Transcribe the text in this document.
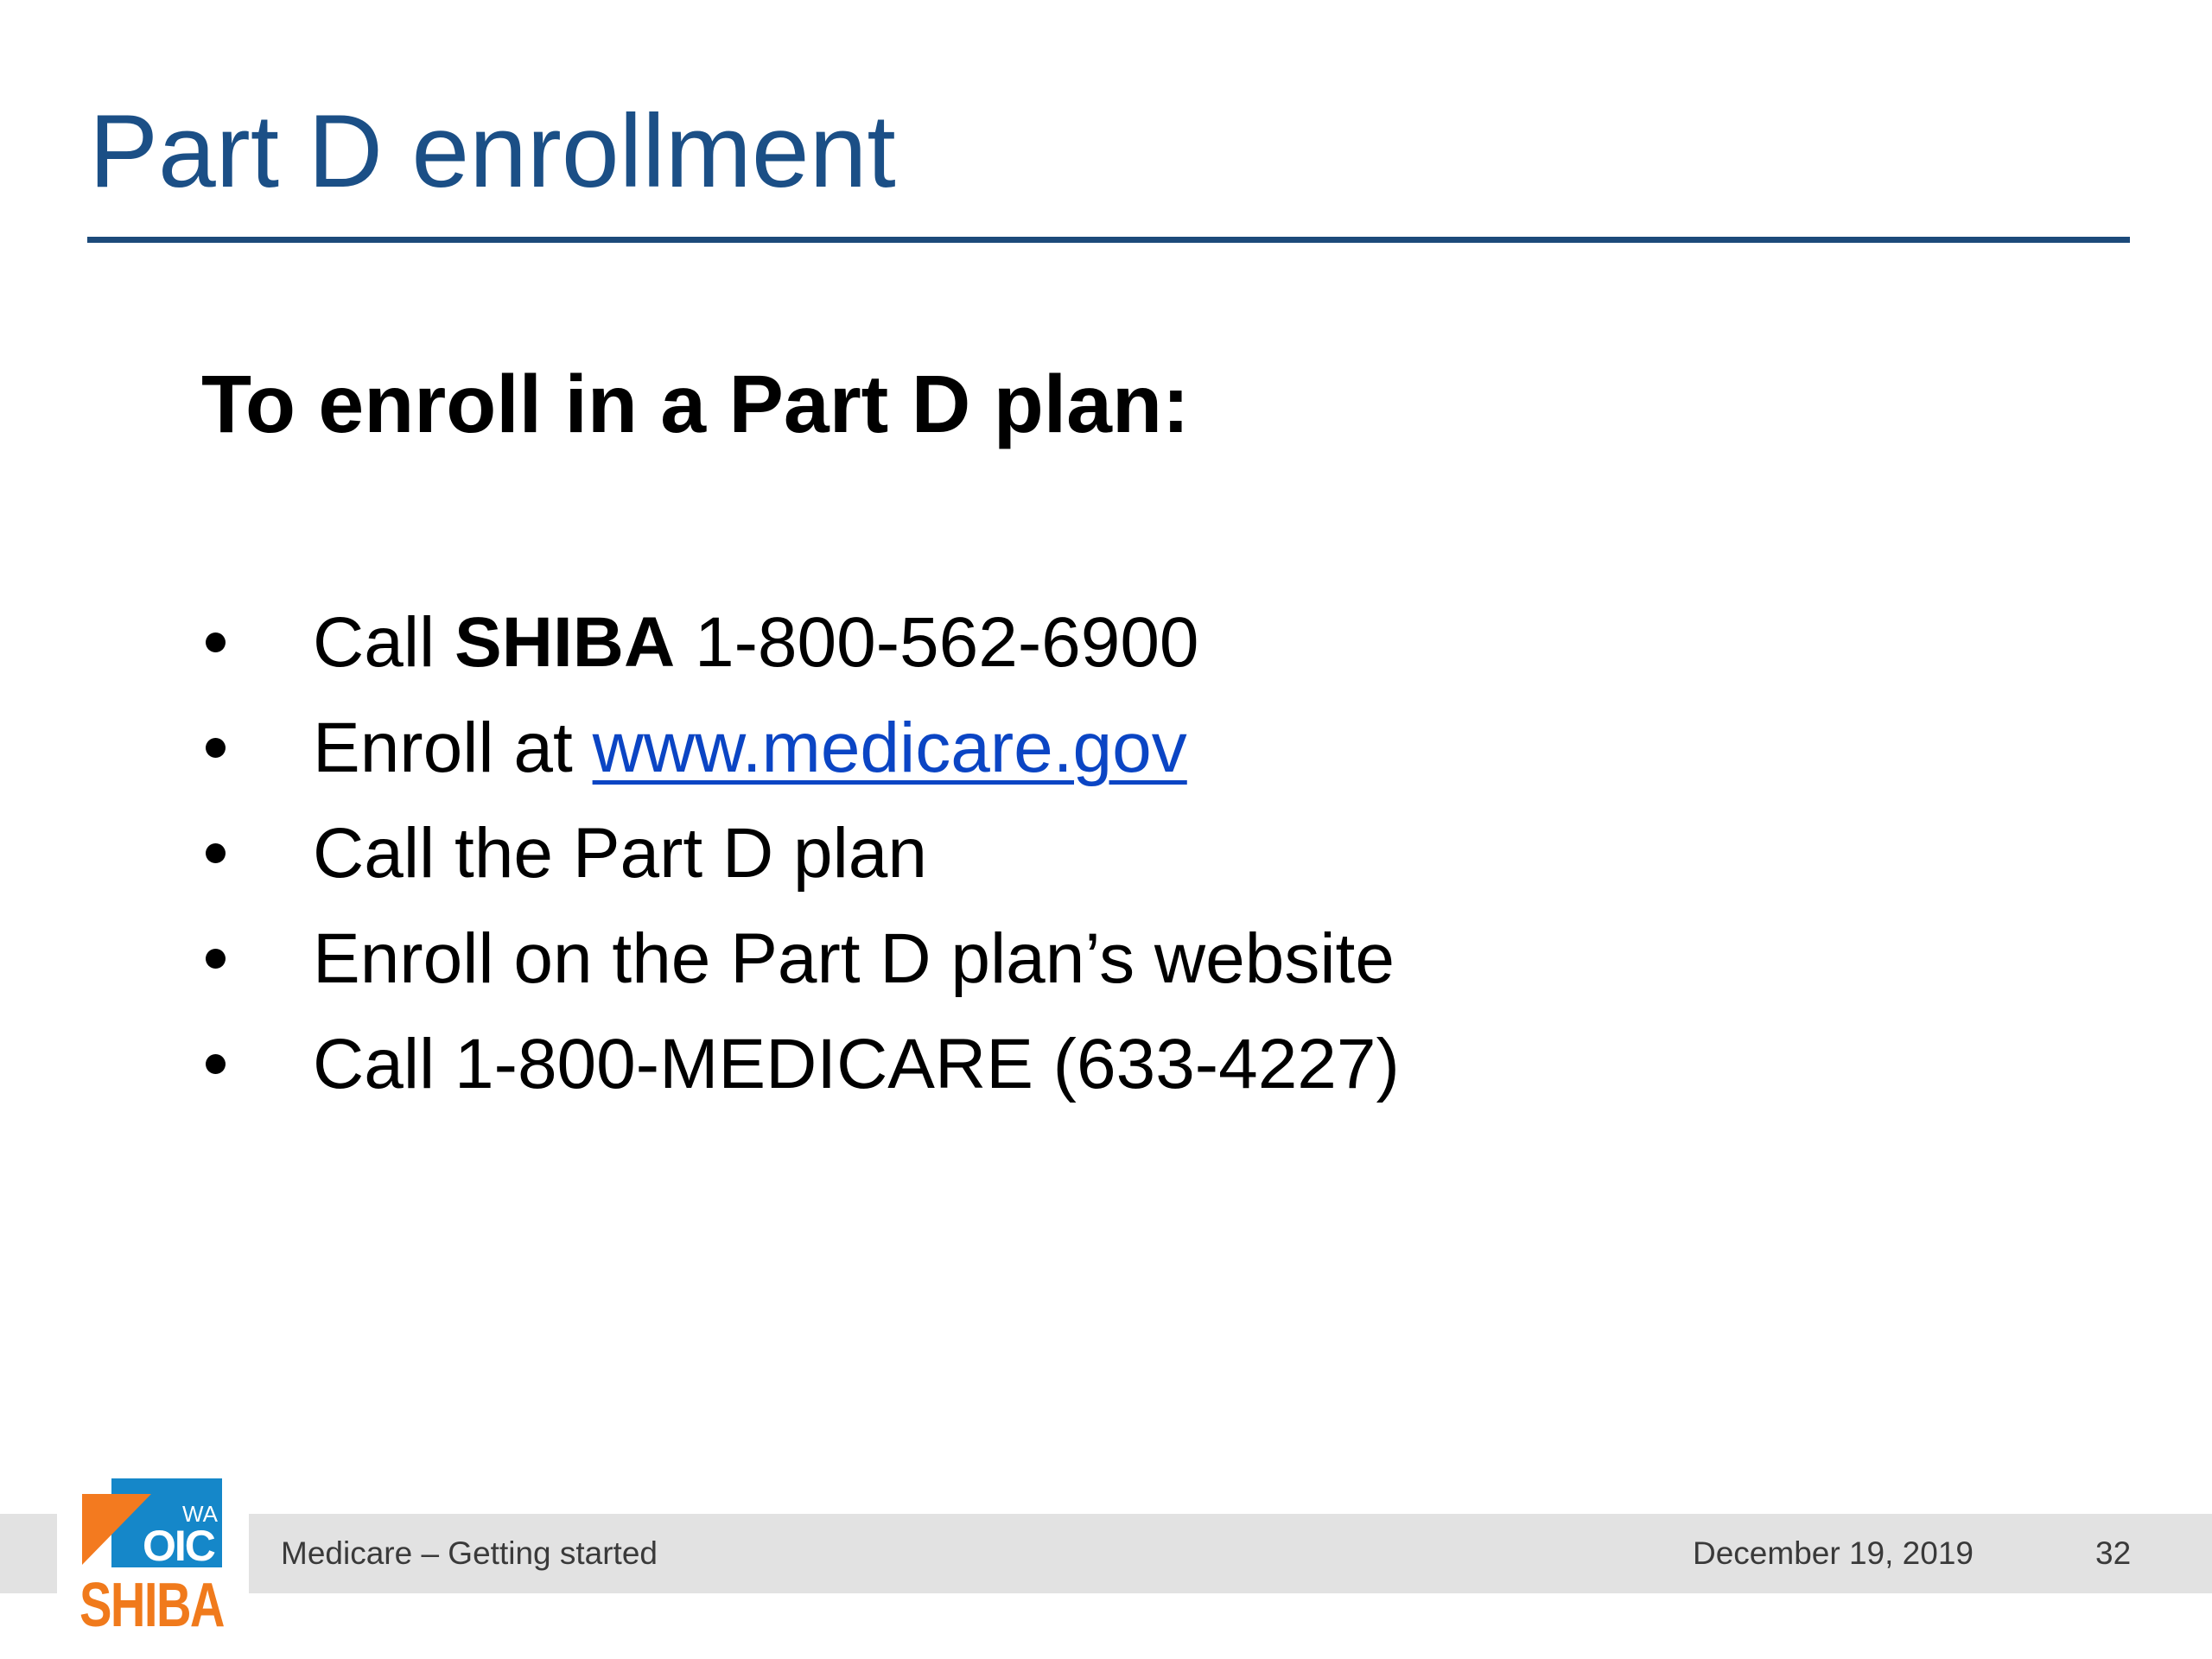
Part D enrollment
To enroll in a Part D plan:
Call SHIBA 1-800-562-6900
Enroll at www.medicare.gov
Call the Part D plan
Enroll on the Part D plan’s website
Call 1-800-MEDICARE (633-4227)
Medicare – Getting started	December 19, 2019	32
WA
OIC
SHIBA
